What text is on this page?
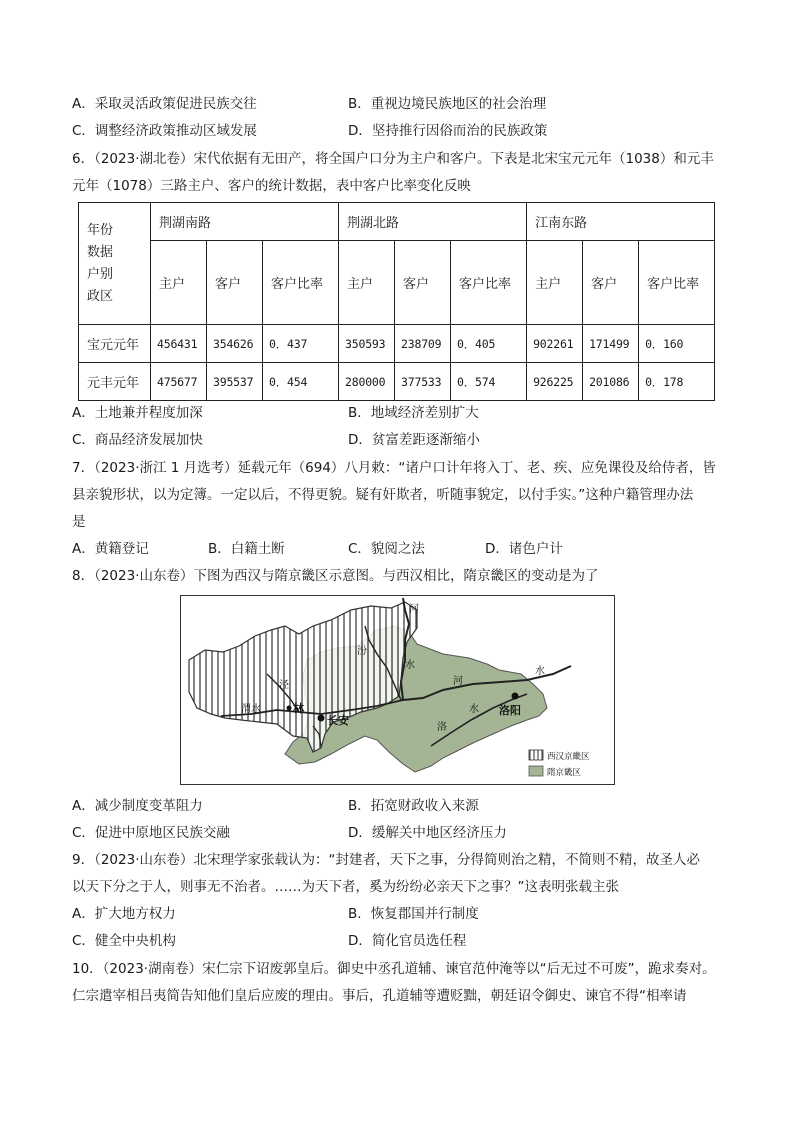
A．采取灵活政策促进民族交往	B．重视边境民族地区的社会治理
C．调整经济政策推动区域发展	D．坚持推行因俗而治的民族政策
6．（2023·湖北卷）宋代依据有无田产，将全国户口分为主户和客户。下表是北宋宝元元年（1038）和元丰
元年（1078）三路主户、客户的统计数据，表中客户比率变化反映
年份
数据
户别
政区	荆湖南路			荆湖北路			江南东路		
	主户	客户	客户比率	主户	客户	客户比率	主户	客户	客户比率
宝元元年	456431	354626	0．437	350593	238709	0．405	902261	171499	0．160
元丰元年	475677	395537	0．454	280000	377533	0．574	926225	201086	0．178
A．土地兼并程度加深	B．地域经济差别扩大
C．商品经济发展加快	D．贫富差距逐渐缩小
7．（2023·浙江 1 月选考）延载元年（694）八月敕：“诸户口计年将入丁、老、疾、应免课役及给侍者，皆
县亲貌形状，以为定簿。一定以后，不得更貌。疑有奸欺者，听随事貌定，以付手实。”这种户籍管理办法
是
A．黄籍登记	B．白籍土断	C．貌阅之法	D．诸色户计
8．（2023·山东卷）下图为西汉与隋京畿区示意图。与西汉相比，隋京畿区的变动是为了
河
汾
水
泾
渭水	林
长安
河
水
洛
水 洛阳
西汉京畿区
隋京畿区
A．减少制度变革阻力	B．拓宽财政收入来源
C．促进中原地区民族交融	D．缓解关中地区经济压力
9．（2023·山东卷）北宋理学家张载认为：“封建者，天下之事，分得简则治之精，不简则不精，故圣人必
以天下分之于人，则事无不治者。……为天下者，奚为纷纷必亲天下之事？”这表明张载主张
A．扩大地方权力	B．恢复郡国并行制度
C．健全中央机构	D．简化官员选任程
10．（2023·湖南卷）宋仁宗下诏废郭皇后。御史中丞孔道辅、谏官范仲淹等以“后无过不可废”，跪求奏对。
仁宗遣宰相吕夷简告知他们皇后应废的理由。事后，孔道辅等遭贬黜，朝廷诏令御史、谏官不得“相率请
